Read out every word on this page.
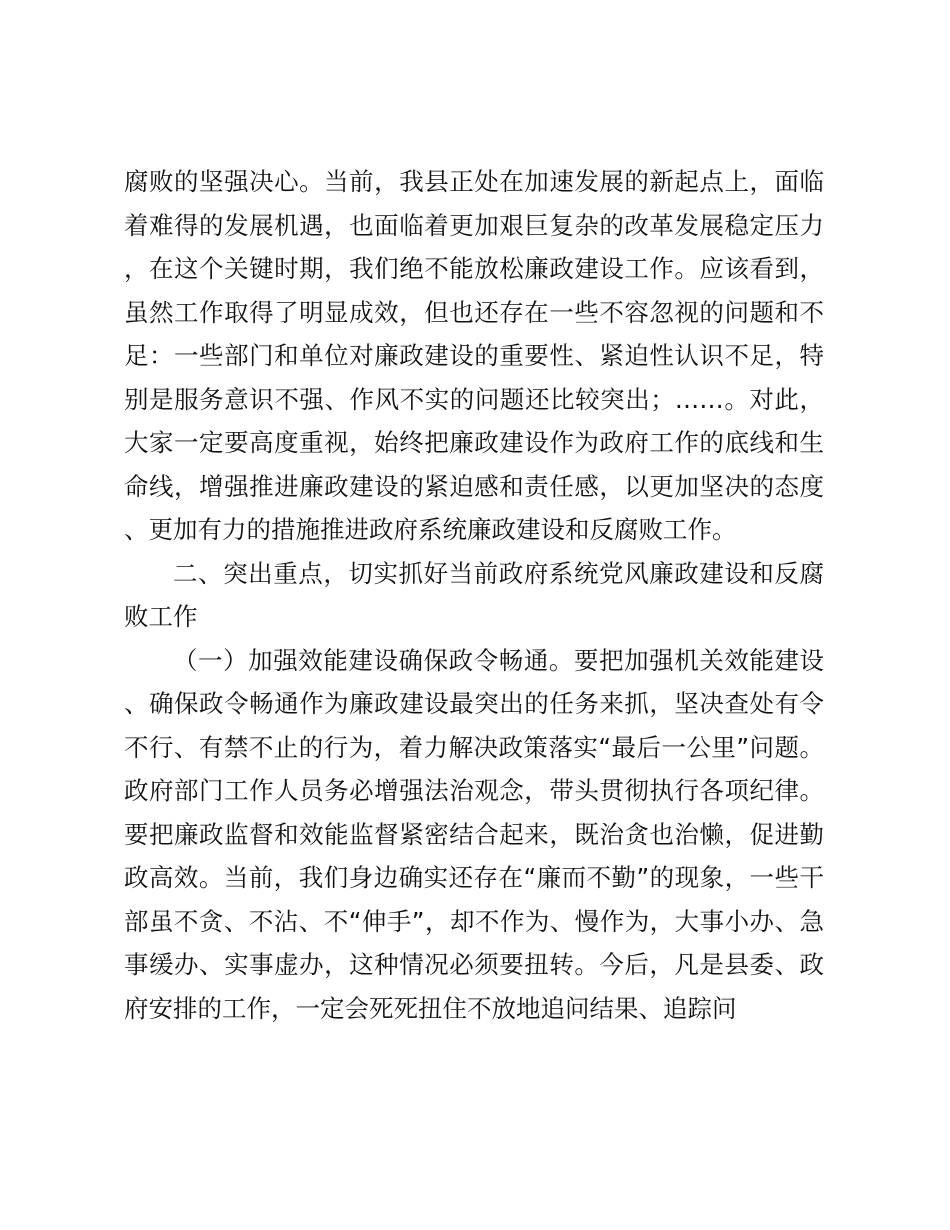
腐败的坚强决心。当前，我县正处在加速发展的新起点上，面临着难得的发展机遇，也面临着更加艰巨复杂的改革发展稳定压力，在这个关键时期，我们绝不能放松廉政建设工作。应该看到，虽然工作取得了明显成效，但也还存在一些不容忽视的问题和不足：一些部门和单位对廉政建设的重要性、紧迫性认识不足，特别是服务意识不强、作风不实的问题还比较突出；……。对此，大家一定要高度重视，始终把廉政建设作为政府工作的底线和生命线，增强推进廉政建设的紧迫感和责任感，以更加坚决的态度、更加有力的措施推进政府系统廉政建设和反腐败工作。

二、突出重点，切实抓好当前政府系统党风廉政建设和反腐败工作

（一）加强效能建设确保政令畅通。要把加强机关效能建设、确保政令畅通作为廉政建设最突出的任务来抓，坚决查处有令不行、有禁不止的行为，着力解决政策落实“最后一公里”问题。政府部门工作人员务必增强法治观念，带头贯彻执行各项纪律。要把廉政监督和效能监督紧密结合起来，既治贪也治懒，促进勤政高效。当前，我们身边确实还存在“廉而不勤”的现象，一些干部虽不贪、不沾、不“伸手”，却不作为、慢作为，大事小办、急事缓办、实事虚办，这种情况必须要扭转。今后，凡是县委、政府安排的工作，一定会死死扭住不放地追问结果、追踪问
